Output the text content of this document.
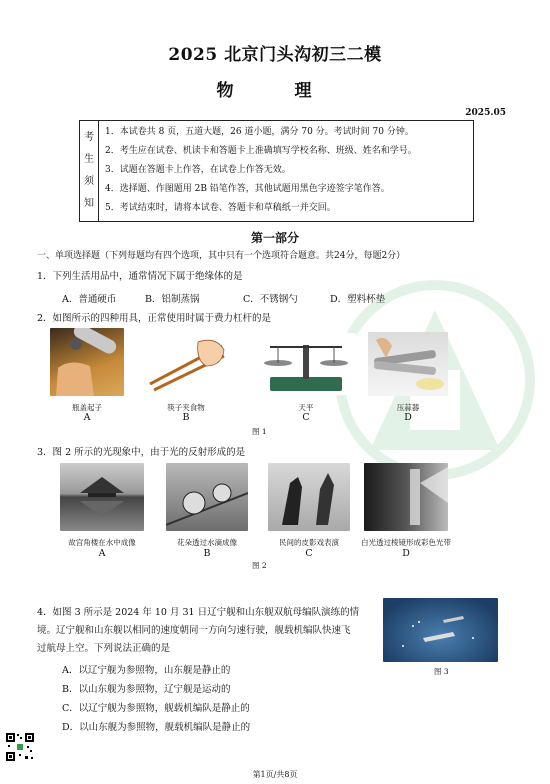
2025 北京门头沟初三二模
物　理
2025.05
考
生
须
知
1．本试卷共 8 页，五道大题，26 道小题，满分 70 分。考试时间 70 分钟。
2．考生应在试卷、机读卡和答题卡上准确填写学校名称、班级、姓名和学号。
3．试题在答题卡上作答，在试卷上作答无效。
4．选择题、作图题用 2B 铅笔作答，其他试题用黑色字迹签字笔作答。
5．考试结束时，请将本试卷、答题卡和草稿纸一并交回。
第一部分
一、单项选择题（下列每题均有四个选项，其中只有一个选项符合题意。共24分，每题2分）
1．下列生活用品中，通常情况下属于绝缘体的是
A．普通硬币	B．铝制蒸锅	C．不锈钢勺	D．塑料杯垫
2．如图所示的四种用具，正常使用时属于费力杠杆的是
瓶盖起子	筷子夹食物	天平	压蒜器
A	B	C	D
图 1
3．图 2 所示的光现象中，由于光的反射形成的是
故宫角楼在水中成像	花朵透过水滴成像	民间的皮影戏表演	白光透过棱镜形成彩色光带
A	B	C	D
图 2
4．如图 3 所示是 2024 年 10 月 31 日辽宁舰和山东舰双航母编队演练的情
境。辽宁舰和山东舰以相同的速度朝同一方向匀速行驶，舰载机编队快速飞
过航母上空。下列说法正确的是
A．以辽宁舰为参照物，山东舰是静止的
B．以山东舰为参照物，辽宁舰是运动的
C．以辽宁舰为参照物，舰载机编队是静止的
D．以山东舰为参照物，舰载机编队是静止的
图 3
第1页/共8页
